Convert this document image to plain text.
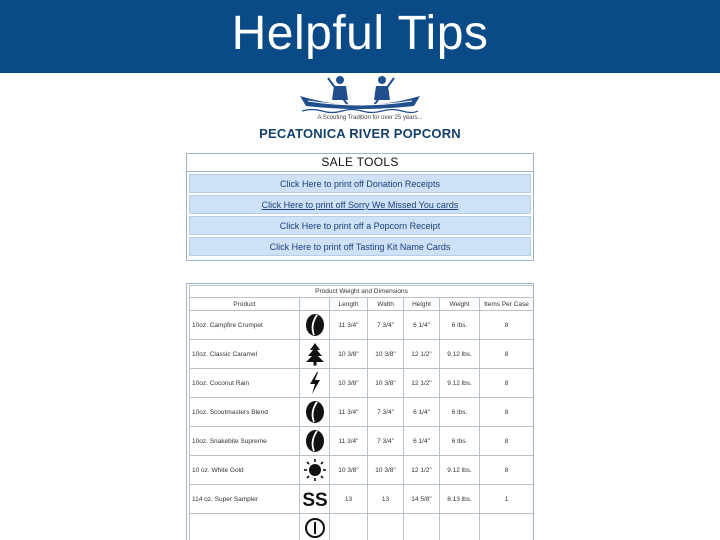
Helpful Tips
A Scouting Tradition for over 25 years...
PECATONICA RIVER POPCORN
SALE TOOLS
Click Here to print off Donation Receipts
Click Here to print off Sorry We Missed You cards
Click Here to print off a Popcorn Receipt
Click Here to print off Tasting Kit Name Cards
Product Weight and Dimensions						
Product		Length	Width	Height	Weight	Items Per Case
10oz. Campfire Crumpet		11 3/4"	7 3/4"	6 1/4"	6 lbs.	8
10oz. Classic Caramel		10 3/8"	10 3/8"	12 1/2"	9.12 lbs.	8
10oz. Coconut Rain		10 3/8"	10 3/8"	12 1/2"	9.12 lbs.	8
10oz. Scoutmasters Blend		11 3/4"	7 3/4"	6 1/4"	6 lbs.	8
10oz. Snakebite Supreme		11 3/4"	7 3/4"	6 1/4"	6 lbs.	8
10 oz. White Gold		10 3/8"	10 3/8"	12 1/2"	9.12 lbs.	8
114 oz. Super Sampler	SS	13	13	14 5/8"	8.13 lbs.	1
